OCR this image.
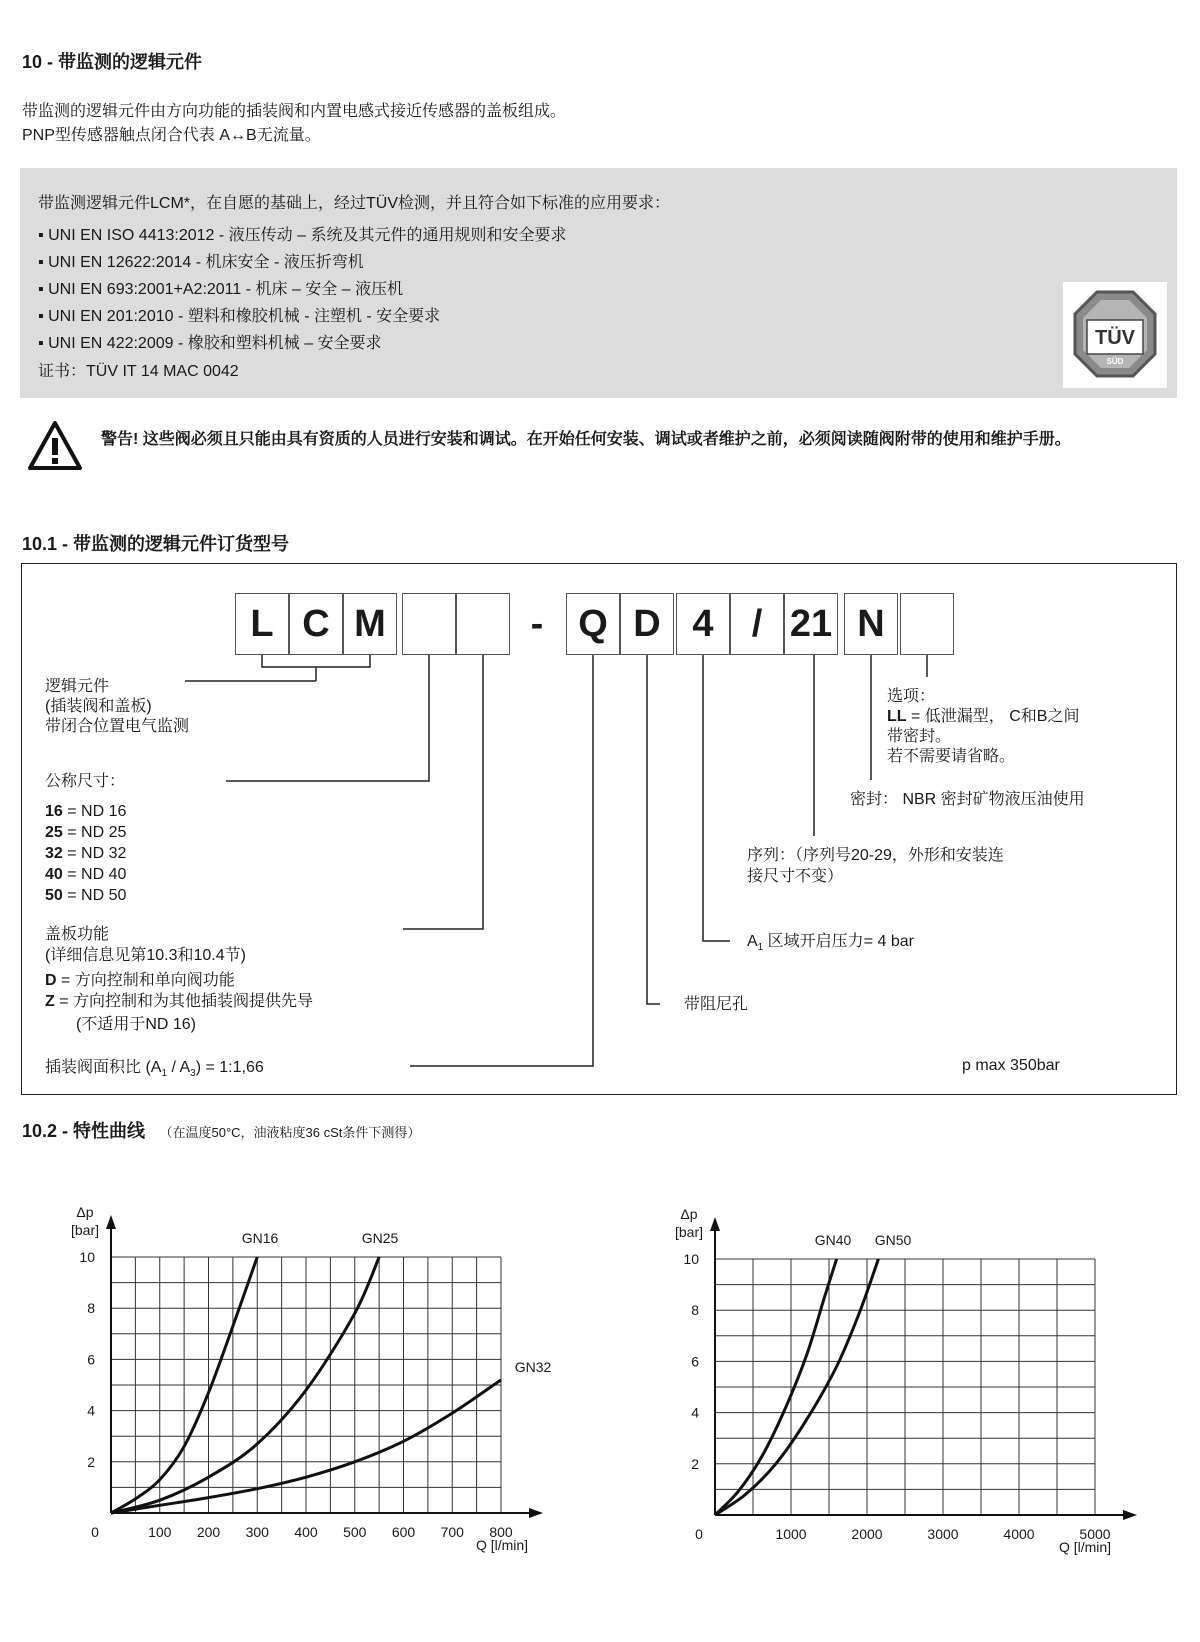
10 - 带监测的逻辑元件
带监测的逻辑元件由方向功能的插装阀和内置电感式接近传感器的盖板组成。
PNP型传感器触点闭合代表 A↔B无流量。
带监测逻辑元件LCM*，在自愿的基础上，经过TÜV检测，并且符合如下标准的应用要求：
▪ UNI EN ISO 4413:2012 - 液压传动 – 系统及其元件的通用规则和安全要求
▪ UNI EN 12622:2014 - 机床安全 - 液压折弯机
▪ UNI EN 693:2001+A2:2011 - 机床 – 安全 – 液压机
▪ UNI EN 201:2010 - 塑料和橡胶机械 - 注塑机 - 安全要求
▪ UNI EN 422:2009 - 橡胶和塑料机械 – 安全要求
证书：TÜV IT 14 MAC 0042
TÜV
SÜD
警告! 这些阀必须且只能由具有资质的人员进行安装和调试。在开始任何安装、调试或者维护之前，必须阅读随阀附带的使用和维护手册。
10.1 - 带监测的逻辑元件订货型号
L C M	- Q D 4	/ 21 N
逻辑元件
(插装阀和盖板)
带闭合位置电气监测
公称尺寸：
16 = ND 16
25 = ND 25
32 = ND 32
40 = ND 40
50 = ND 50
盖板功能
(详细信息见第10.3和10.4节)
D = 方向控制和单向阀功能
Z = 方向控制和为其他插装阀提供先导
(不适用于ND 16)
插装阀面积比 $(A_1 / A_3)$ = 1:1,66	p max 350bar
带阻尼孔
$A_1$ 区域开启压力= 4 bar
序列：（序列号20-29，外形和安装连
接尺寸不变）
密封： NBR 密封矿物液压油使用
选项：
LL = 低泄漏型， C和B之间
带密封。
若不需要请省略。
10.2 - 特性曲线 （在温度50°C，油液粘度36 cSt条件下测得）
0	100 200 300 400 500 600 700 800
2
4
6
8
10
Δp
[bar]
Q [l/min]
GN16	GN25
GN32
0	1000	2000	3000	4000	5000
2
4
6
8
10
Δp
[bar]
Q [l/min]
GN40 GN50
